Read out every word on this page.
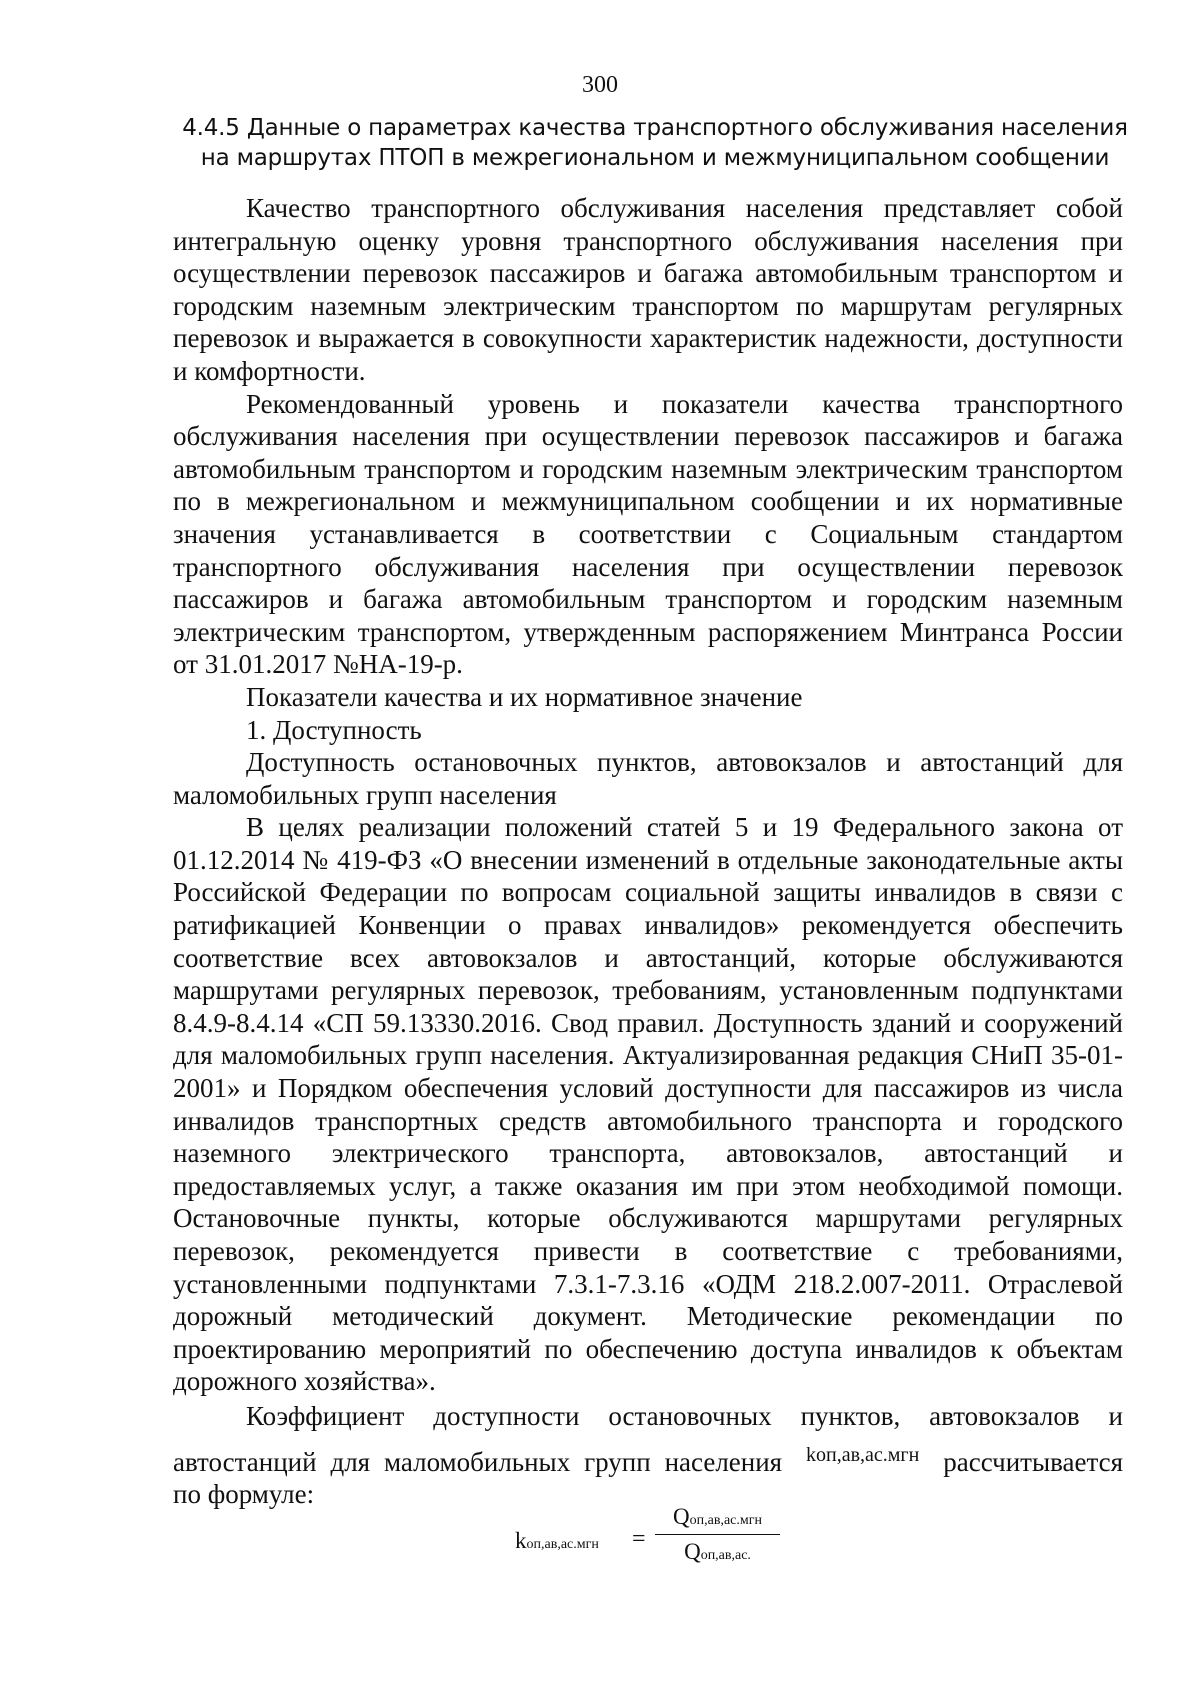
300
4.4.5 Данные о параметрах качества транспортного обслуживания населения
на маршрутах ПТОП в межрегиональном и межмуниципальном сообщении

Качество транспортного обслуживания населения представляет собой интегральную оценку уровня транспортного обслуживания населения при осуществлении перевозок пассажиров и багажа автомобильным транспортом и городским наземным электрическим транспортом по маршрутам регулярных перевозок и выражается в совокупности характеристик надежности, доступности и комфортности.

Рекомендованный уровень и показатели качества транспортного обслуживания населения при осуществлении перевозок пассажиров и багажа автомобильным транспортом и городским наземным электрическим транспортом по в межрегиональном и межмуниципальном сообщении и их нормативные значения устанавливается в соответствии с Социальным стандартом транспортного обслуживания населения при осуществлении перевозок пассажиров и багажа автомобильным транспортом и городским наземным электрическим транспортом, утвержденным распоряжением Минтранса России от 31.01.2017 №НА-19-р.

Показатели качества и их нормативное значение

1. Доступность

Доступность остановочных пунктов, автовокзалов и автостанций для маломобильных групп населения

В целях реализации положений статей 5 и 19 Федерального закона от 01.12.2014 № 419-ФЗ «О внесении изменений в отдельные законодательные акты Российской Федерации по вопросам социальной защиты инвалидов в связи с ратификацией Конвенции о правах инвалидов» рекомендуется обеспечить соответствие всех автовокзалов и автостанций, которые обслуживаются маршрутами регулярных перевозок, требованиям, установленным подпунктами 8.4.9-8.4.14 «СП 59.13330.2016. Свод правил. Доступность зданий и сооружений для маломобильных групп населения. Актуализированная редакция СНиП 35-01-2001» и Порядком обеспечения условий доступности для пассажиров из числа инвалидов транспортных средств автомобильного транспорта и городского наземного электрического транспорта, автовокзалов, автостанций и предоставляемых услуг, а также оказания им при этом необходимой помощи. Остановочные пункты, которые обслуживаются маршрутами регулярных перевозок, рекомендуется привести в соответствие с требованиями, установленными подпунктами 7.3.1-7.3.16 «ОДМ 218.2.007-2011. Отраслевой дорожный методический документ. Методические рекомендации по проектированию мероприятий по обеспечению доступа инвалидов к объектам дорожного хозяйства».

Коэффициент доступности остановочных пунктов, автовокзалов и
автостанций для маломобильных групп населения kоп,ав,ас.мгн рассчитывается
по формуле:
kоп,ав,ас.мгн =
Qоп,ав,ас.мгн
Qоп,ав,ас.
